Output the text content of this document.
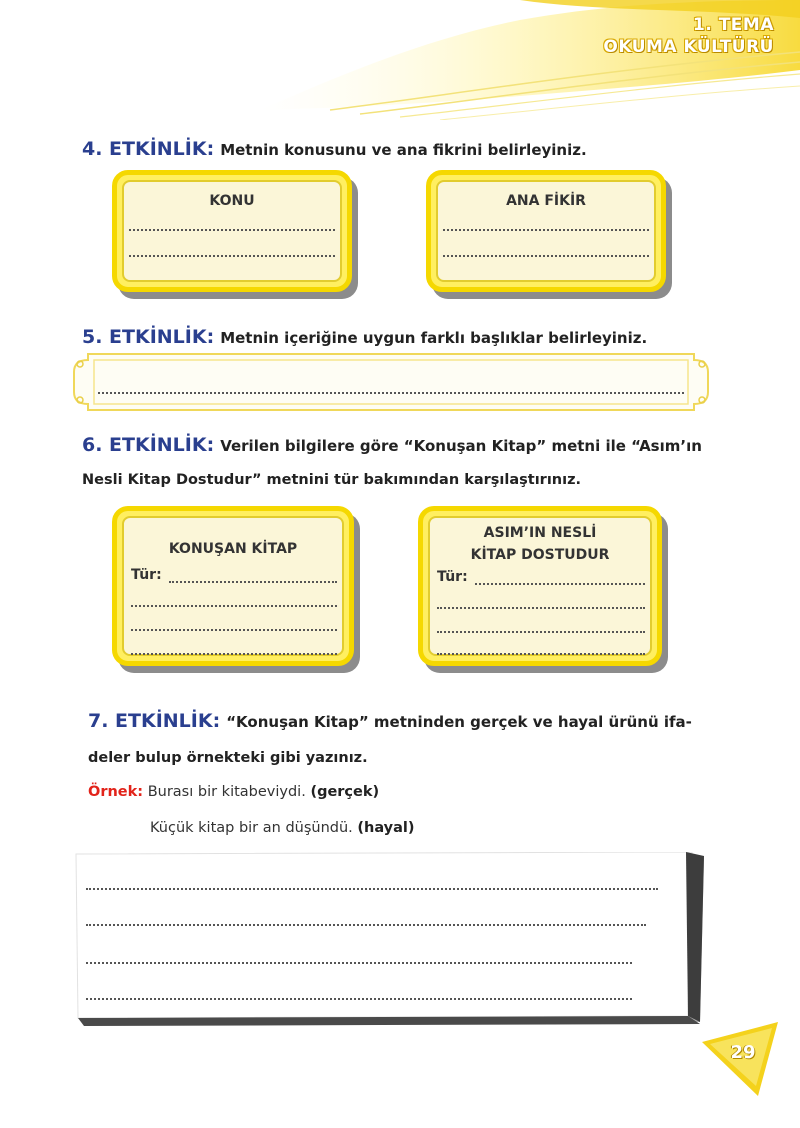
1. TEMA
OKUMA KÜLTÜRÜ
4. ETKİNLİK: Metnin konusunu ve ana fikrini belirleyiniz.
KONU	ANA FİKİR
5. ETKİNLİK: Metnin içeriğine uygun farklı başlıklar belirleyiniz.
6. ETKİNLİK: Verilen bilgilere göre “Konuşan Kitap” metni ile “Asım’ın
Nesli Kitap Dostudur” metnini tür bakımından karşılaştırınız.
KONUŞAN KİTAP
Tür:
ASIM’IN NESLİ
KİTAP DOSTUDUR
Tür:
7. ETKİNLİK: “Konuşan Kitap” metninden gerçek ve hayal ürünü ifa-
deler bulup örnekteki gibi yazınız.
Örnek: Burası bir kitabeviydi. (gerçek)
Küçük kitap bir an düşündü. (hayal)
29
